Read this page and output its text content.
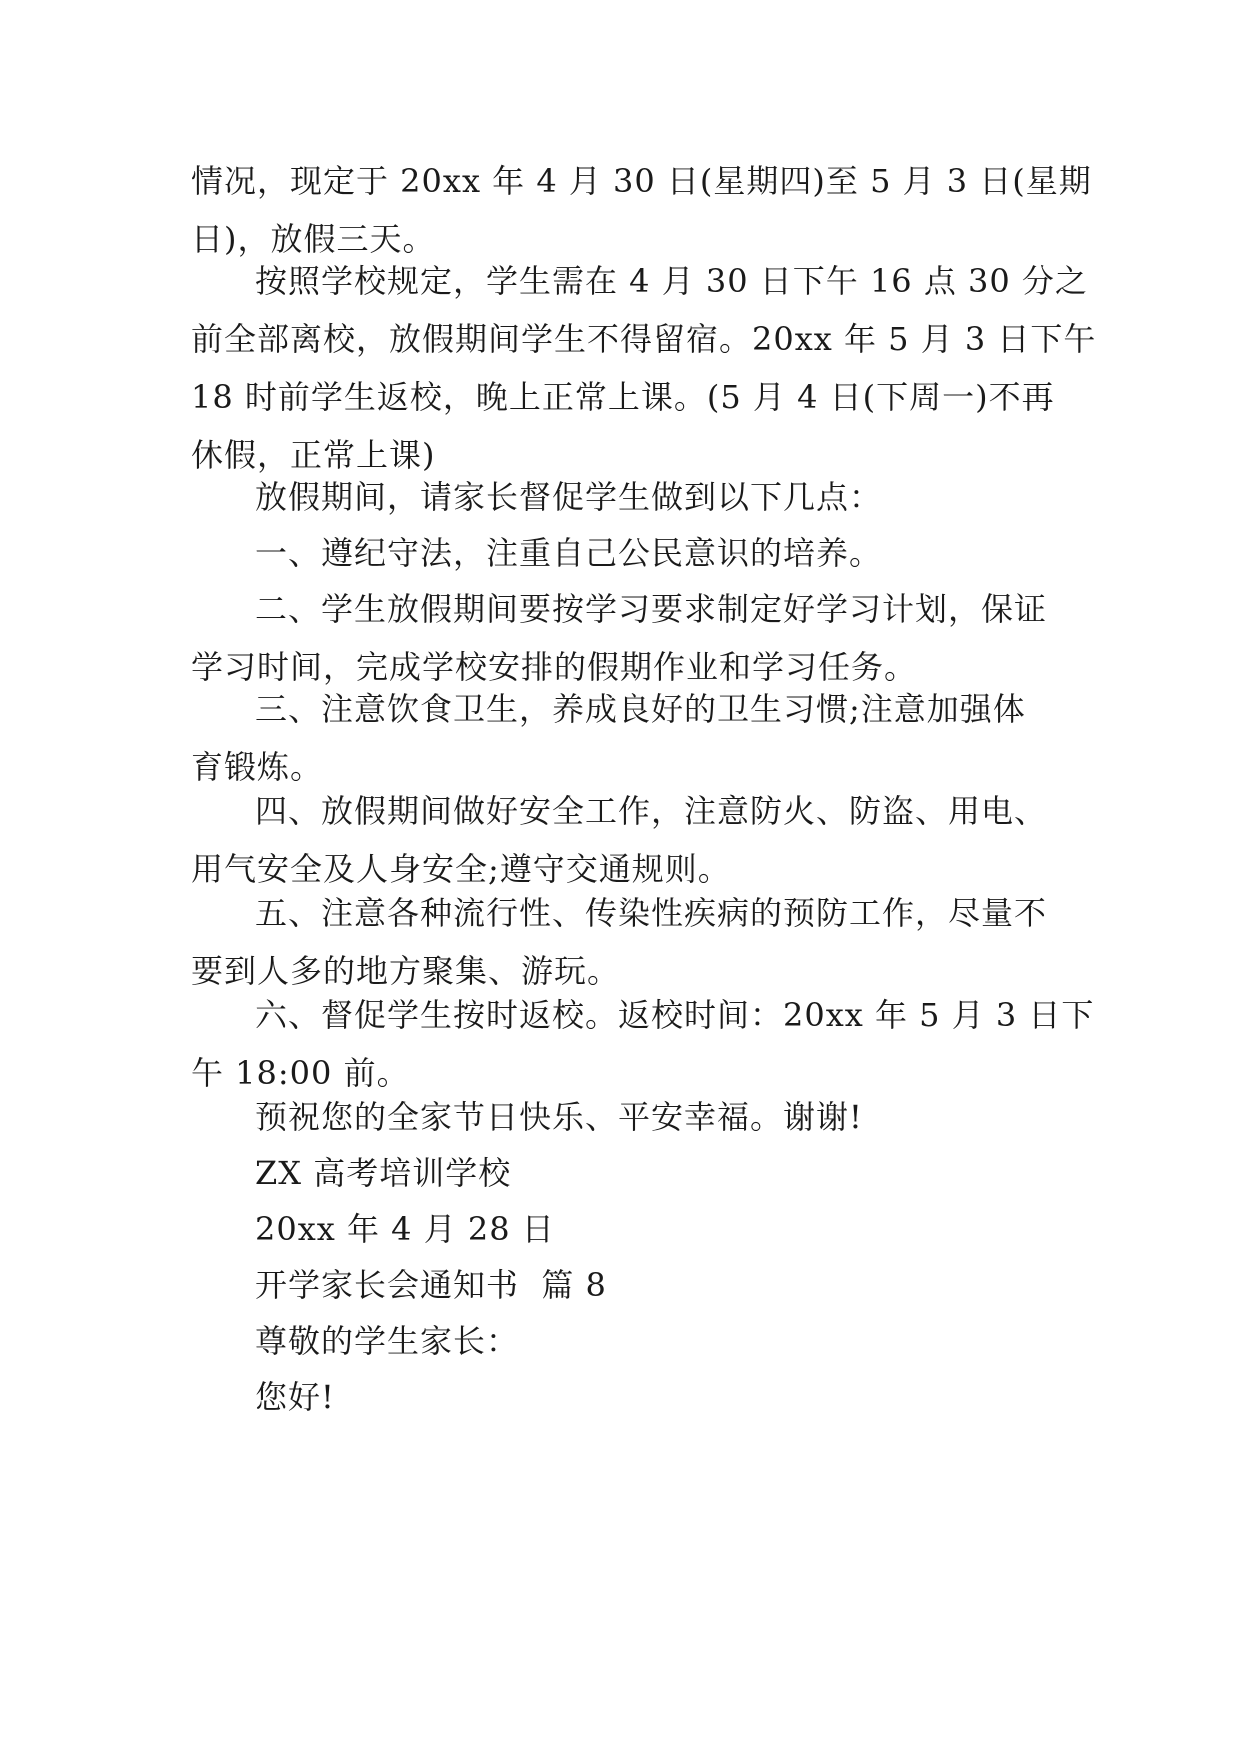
情况，现定于 20xx 年 4 月 30 日(星期四)至 5 月 3 日(星期
日)，放假三天。

按照学校规定，学生需在 4 月 30 日下午 16 点 30 分之
前全部离校，放假期间学生不得留宿。20xx 年 5 月 3 日下午
18 时前学生返校，晚上正常上课。(5 月 4 日(下周一)不再
休假，正常上课)

放假期间，请家长督促学生做到以下几点：

一、遵纪守法，注重自己公民意识的培养。

二、学生放假期间要按学习要求制定好学习计划，保证
学习时间，完成学校安排的假期作业和学习任务。

三、注意饮食卫生，养成良好的卫生习惯;注意加强体
育锻炼。

四、放假期间做好安全工作，注意防火、防盗、用电、
用气安全及人身安全;遵守交通规则。

五、注意各种流行性、传染性疾病的预防工作，尽量不
要到人多的地方聚集、游玩。

六、督促学生按时返校。返校时间：20xx 年 5 月 3 日下
午 18:00 前。

预祝您的全家节日快乐、平安幸福。谢谢!

ZX 高考培训学校

20xx 年 4 月 28 日

开学家长会通知书  篇 8

尊敬的学生家长：

您好!
